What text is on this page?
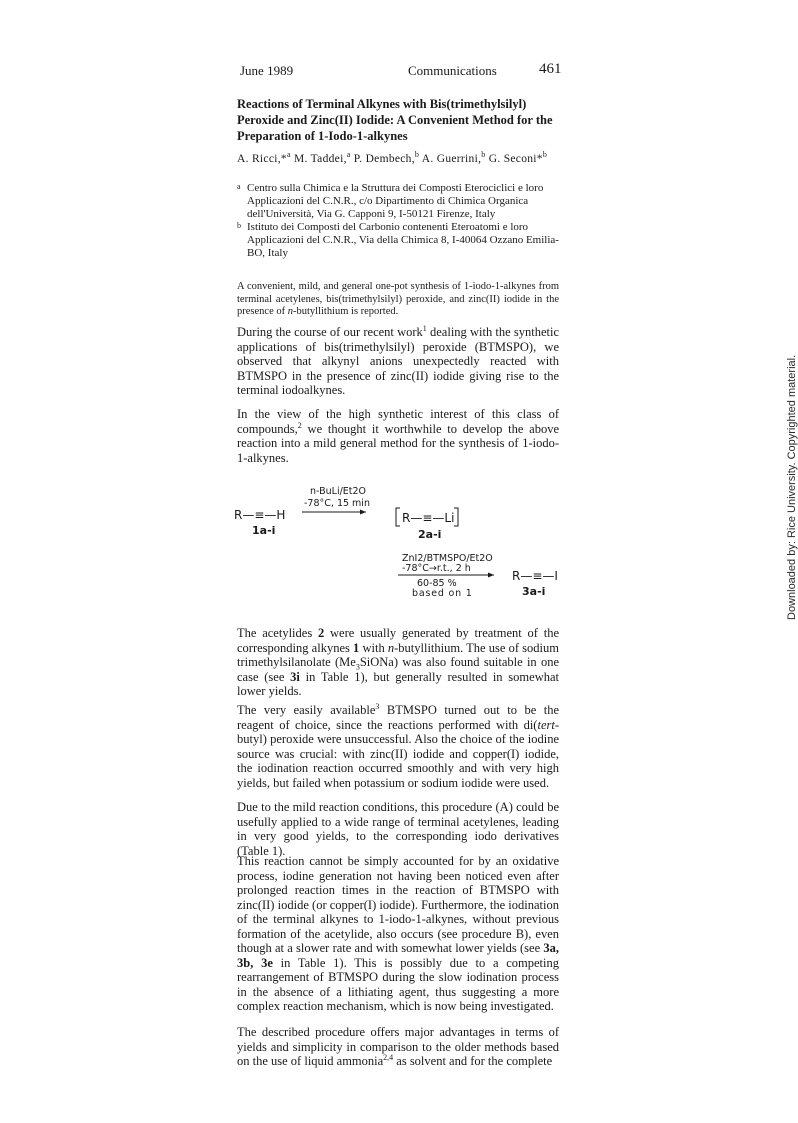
June 1989	Communications	461
Reactions of Terminal Alkynes with Bis(trimethylsilyl) Peroxide and Zinc(II) Iodide: A Convenient Method for the Preparation of 1-Iodo-1-alkynes
A. Ricci,*$^a$ M. Taddei,$^a$ P. Dembech,$^b$ A. Guerrini,$^b$ G. Seconi*$^b$
a Centro sulla Chimica e la Struttura dei Composti Eterociclici e loro Applicazioni del C.N.R., c/o Dipartimento di Chimica Organica dell'Università, Via G. Capponi 9, I-50121 Firenze, Italy
b Istituto dei Composti del Carbonio contenenti Eteroatomi e loro Applicazioni del C.N.R., Via della Chimica 8, I-40064 Ozzano Emilia-BO, Italy
A convenient, mild, and general one-pot synthesis of 1-iodo-1-alkynes from terminal acetylenes, bis(trimethylsilyl) peroxide, and zinc(II) iodide in the presence of n-butyllithium is reported.

During the course of our recent work$^1$ dealing with the synthetic applications of bis(trimethylsilyl) peroxide (BTMSPO), we observed that alkynyl anions unexpectedly reacted with BTMSPO in the presence of zinc(II) iodide giving rise to the terminal iodoalkynes.

In the view of the high synthetic interest of this class of compounds,$^2$ we thought it worthwhile to develop the above reaction into a mild general method for the synthesis of 1-iodo-1-alkynes.

R—≡—H
1a-i
n-BuLi/Et2O
-78°C, 15 min
R—≡—Li
2a-i
ZnI2/BTMSPO/Et2O
-78°C→r.t., 2 h
60-85 %
based on 1
R—≡—I
3a-i

The acetylides 2 were usually generated by treatment of the corresponding alkynes 1 with n-butyllithium. The use of sodium trimethylsilanolate $(Me_3SiONa)$ was also found suitable in one case (see 3i in Table 1), but generally resulted in somewhat lower yields.

The very easily available$^3$ BTMSPO turned out to be the reagent of choice, since the reactions performed with di(tert-butyl) peroxide were unsuccessful. Also the choice of the iodine source was crucial: with zinc(II) iodide and copper(I) iodide, the iodination reaction occurred smoothly and with very high yields, but failed when potassium or sodium iodide were used.

Due to the mild reaction conditions, this procedure (A) could be usefully applied to a wide range of terminal acetylenes, leading in very good yields, to the corresponding iodo derivatives (Table 1).

This reaction cannot be simply accounted for by an oxidative process, iodine generation not having been noticed even after prolonged reaction times in the reaction of BTMSPO with zinc(II) iodide (or copper(I) iodide). Furthermore, the iodination of the terminal alkynes to 1-iodo-1-alkynes, without previous formation of the acetylide, also occurs (see procedure B), even though at a slower rate and with somewhat lower yields (see 3a, 3b, 3e in Table 1). This is possibly due to a competing rearrangement of BTMSPO during the slow iodination process in the absence of a lithiating agent, thus suggesting a more complex reaction mechanism, which is now being investigated.

The described procedure offers major advantages in terms of yields and simplicity in comparison to the older methods based on the use of liquid ammonia$^{2,4}$ as solvent and for the complete

Downloaded by: Rice University. Copyrighted material.
